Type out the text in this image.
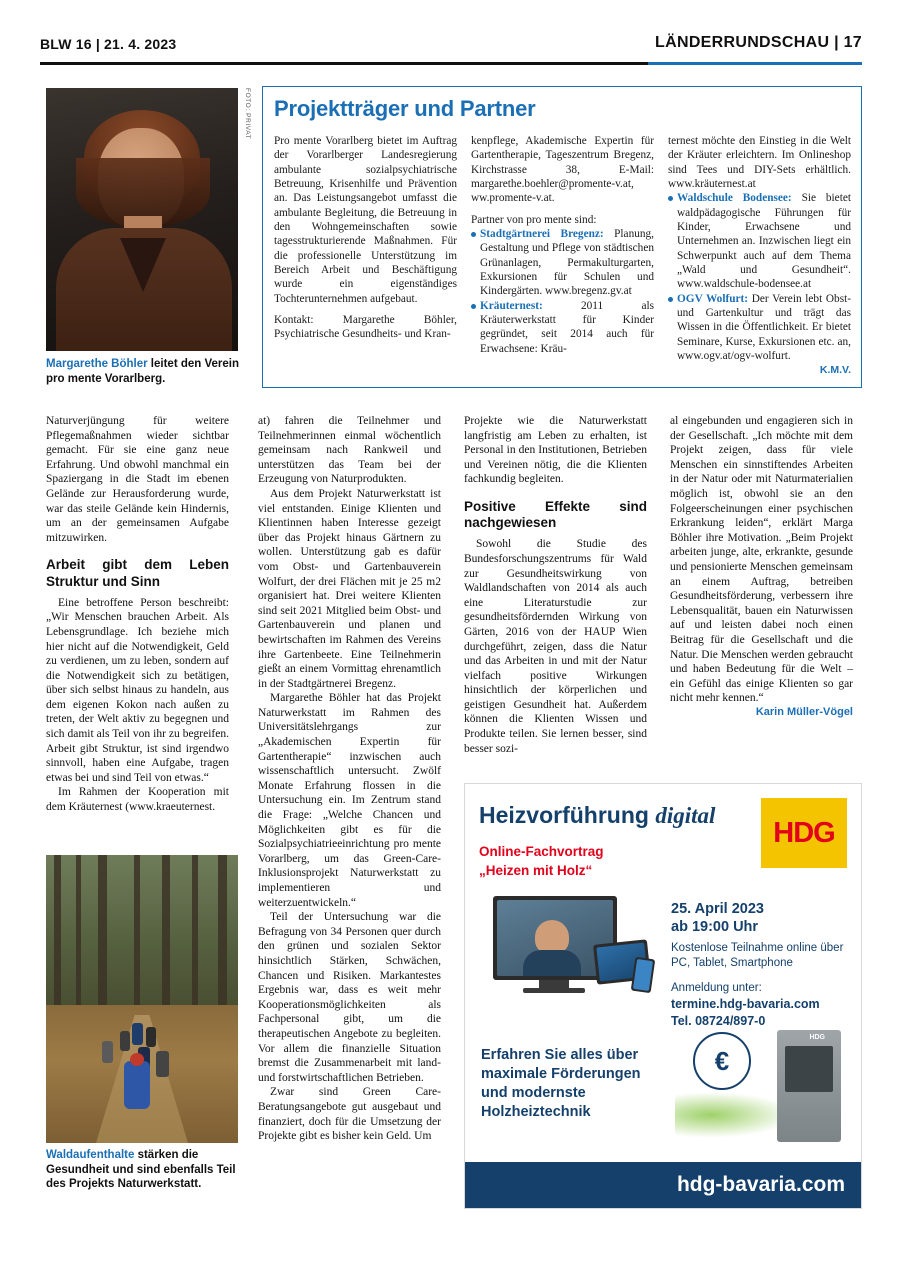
BLW 16 | 21. 4. 2023	LÄNDERRUNDSCHAU | 17
FOTO: PRIVAT
Margarethe Böhler leitet den Verein pro mente Vorarlberg.
Projektträger und Partner

Pro mente Vorarlberg bietet im Auftrag der Vorarlberger Landesregierung ambulante sozialpsychiatrische Betreuung, Krisenhilfe und Prävention an. Das Leistungsangebot umfasst die ambulante Begleitung, die Betreuung in den Wohngemeinschaften sowie tagesstrukturierende Maßnahmen. Für die professionelle Unterstützung im Bereich Arbeit und Beschäftigung wurde ein eigenständiges Tochterunternehmen aufgebaut.

Kontakt: Margarethe Böhler, Psychiatrische Gesundheits- und Kran-

kenpflege, Akademische Expertin für Gartentherapie, Tageszentrum Bregenz, Kirchstrasse 38, E-Mail: margarethe.boehler@promente-v.at, ww.promente-v.at.

Partner von pro mente sind:

Stadtgärtnerei Bregenz: Planung, Gestaltung und Pflege von städtischen Grünanlagen, Permakulturgarten, Exkursionen für Schulen und Kindergärten. www.bregenz.gv.at

Kräuternest: 2011 als Kräuterwerkstatt für Kinder gegründet, seit 2014 auch für Erwachsene: Kräu-

ternest möchte den Einstieg in die Welt der Kräuter erleichtern. Im Onlineshop sind Tees und DIY-Sets erhältlich. www.kräuternest.at

Waldschule Bodensee: Sie bietet waldpädagogische Führungen für Kinder, Erwachsene und Unternehmen an. Inzwischen liegt ein Schwerpunkt auch auf dem Thema „Wald und Gesundheit“. www.waldschule-bodensee.at

OGV Wolfurt: Der Verein lebt Obst- und Gartenkultur und trägt das Wissen in die Öffentlichkeit. Er bietet Seminare, Kurse, Exkursionen etc. an, www.ogv.at/ogv-wolfurt.

K.M.V.

Naturverjüngung für weitere Pflegemaßnahmen wieder sichtbar gemacht. Für sie eine ganz neue Erfahrung. Und obwohl manchmal ein Spaziergang in die Stadt im ebenen Gelände zur Herausforderung wurde, war das steile Gelände kein Hindernis, um an der gemeinsamen Aufgabe mitzuwirken.

Arbeit gibt dem Leben Struktur und Sinn

Eine betroffene Person beschreibt: „Wir Menschen brauchen Arbeit. Als Lebensgrundlage. Ich beziehe mich hier nicht auf die Notwendigkeit, Geld zu verdienen, um zu leben, sondern auf die Notwendigkeit sich zu betätigen, über sich selbst hinaus zu handeln, aus dem eigenen Kokon nach außen zu treten, der Welt aktiv zu begegnen und sich damit als Teil von ihr zu begreifen. Arbeit gibt Struktur, ist sind irgendwo sinnvoll, haben eine Aufgabe, tragen etwas bei und sind Teil von etwas.“

Im Rahmen der Kooperation mit dem Kräuternest (www.kraeuternest.

at) fahren die Teilnehmer und Teilnehmerinnen einmal wöchentlich gemeinsam nach Rankweil und unterstützen das Team bei der Erzeugung von Naturprodukten.

Aus dem Projekt Naturwerkstatt ist viel entstanden. Einige Klienten und Klientinnen haben Interesse gezeigt über das Projekt hinaus Gärtnern zu wollen. Unterstützung gab es dafür vom Obst- und Gartenbauverein Wolfurt, der drei Flächen mit je 25 m2 organisiert hat. Drei weitere Klienten sind seit 2021 Mitglied beim Obst- und Gartenbauverein und planen und bewirtschaften im Rahmen des Vereins ihre Gartenbeete. Eine Teilnehmerin gießt an einem Vormittag ehrenamtlich in der Stadtgärtnerei Bregenz.

Margarethe Böhler hat das Projekt Naturwerkstatt im Rahmen des Universitätslehrgangs zur „Akademischen Expertin für Gartentherapie“ inzwischen auch wissenschaftlich untersucht. Zwölf Monate Erfahrung flossen in die Untersuchung ein. Im Zentrum stand die Frage: „Welche Chancen und Möglichkeiten gibt es für die Sozialpsychiatrieeinrichtung pro mente Vorarlberg, um das Green-Care-Inklusionsprojekt Naturwerkstatt zu implementieren und weiterzuentwickeln.“

Teil der Untersuchung war die Befragung von 34 Personen quer durch den grünen und sozialen Sektor hinsichtlich Stärken, Schwächen, Chancen und Risiken. Markantestes Ergebnis war, dass es weit mehr Kooperationsmöglichkeiten als Fachpersonal gibt, um die therapeutischen Angebote zu begleiten. Vor allem die finanzielle Situation bremst die Zusammenarbeit mit land- und forstwirtschaftlichen Betrieben.

Zwar sind Green Care-Beratungsangebote gut ausgebaut und finanziert, doch für die Umsetzung der Projekte gibt es bisher kein Geld. Um

Projekte wie die Naturwerkstatt langfristig am Leben zu erhalten, ist Personal in den Institutionen, Betrieben und Vereinen nötig, die die Klienten fachkundig begleiten.

Positive Effekte sind nachgewiesen

Sowohl die Studie des Bundesforschungszentrums für Wald zur Gesundheitswirkung von Waldlandschaften von 2014 als auch eine Literaturstudie zur gesundheitsfördernden Wirkung von Gärten, 2016 von der HAUP Wien durchgeführt, zeigen, dass die Natur und das Arbeiten in und mit der Natur vielfach positive Wirkungen hinsichtlich der körperlichen und geistigen Gesundheit hat. Außerdem können die Klienten Wissen und Produkte teilen. Sie lernen besser, sind besser sozi-

al eingebunden und engagieren sich in der Gesellschaft. „Ich möchte mit dem Projekt zeigen, dass für viele Menschen ein sinnstiftendes Arbeiten in der Natur oder mit Naturmaterialien möglich ist, obwohl sie an den Folgeerscheinungen einer psychischen Erkrankung leiden“, erklärt Marga Böhler ihre Motivation. „Beim Projekt arbeiten junge, alte, erkrankte, gesunde und pensionierte Menschen gemeinsam an einem Auftrag, betreiben Gesundheitsförderung, verbessern ihre Lebensqualität, bauen ein Naturwissen auf und leisten dabei noch einen Beitrag für die Gesellschaft und die Natur. Die Menschen werden gebraucht und haben Bedeutung für die Welt – ein Gefühl das einige Klienten so gar nicht mehr kennen.“

Karin Müller-Vögel

Waldaufenthalte stärken die Gesundheit und sind ebenfalls Teil des Projekts Naturwerkstatt.
Heizvorführung digital
Online-Fachvortrag
„Heizen mit Holz“
HDG
25. April 2023
ab 19:00 Uhr
Kostenlose Teilnahme online über PC, Tablet, Smartphone
Anmeldung unter:
termine.hdg-bavaria.com
Tel. 08724/897-0
Erfahren Sie alles über maximale Förderungen und modernste Holzheiztechnik
€
HDG
hdg-bavaria.com
